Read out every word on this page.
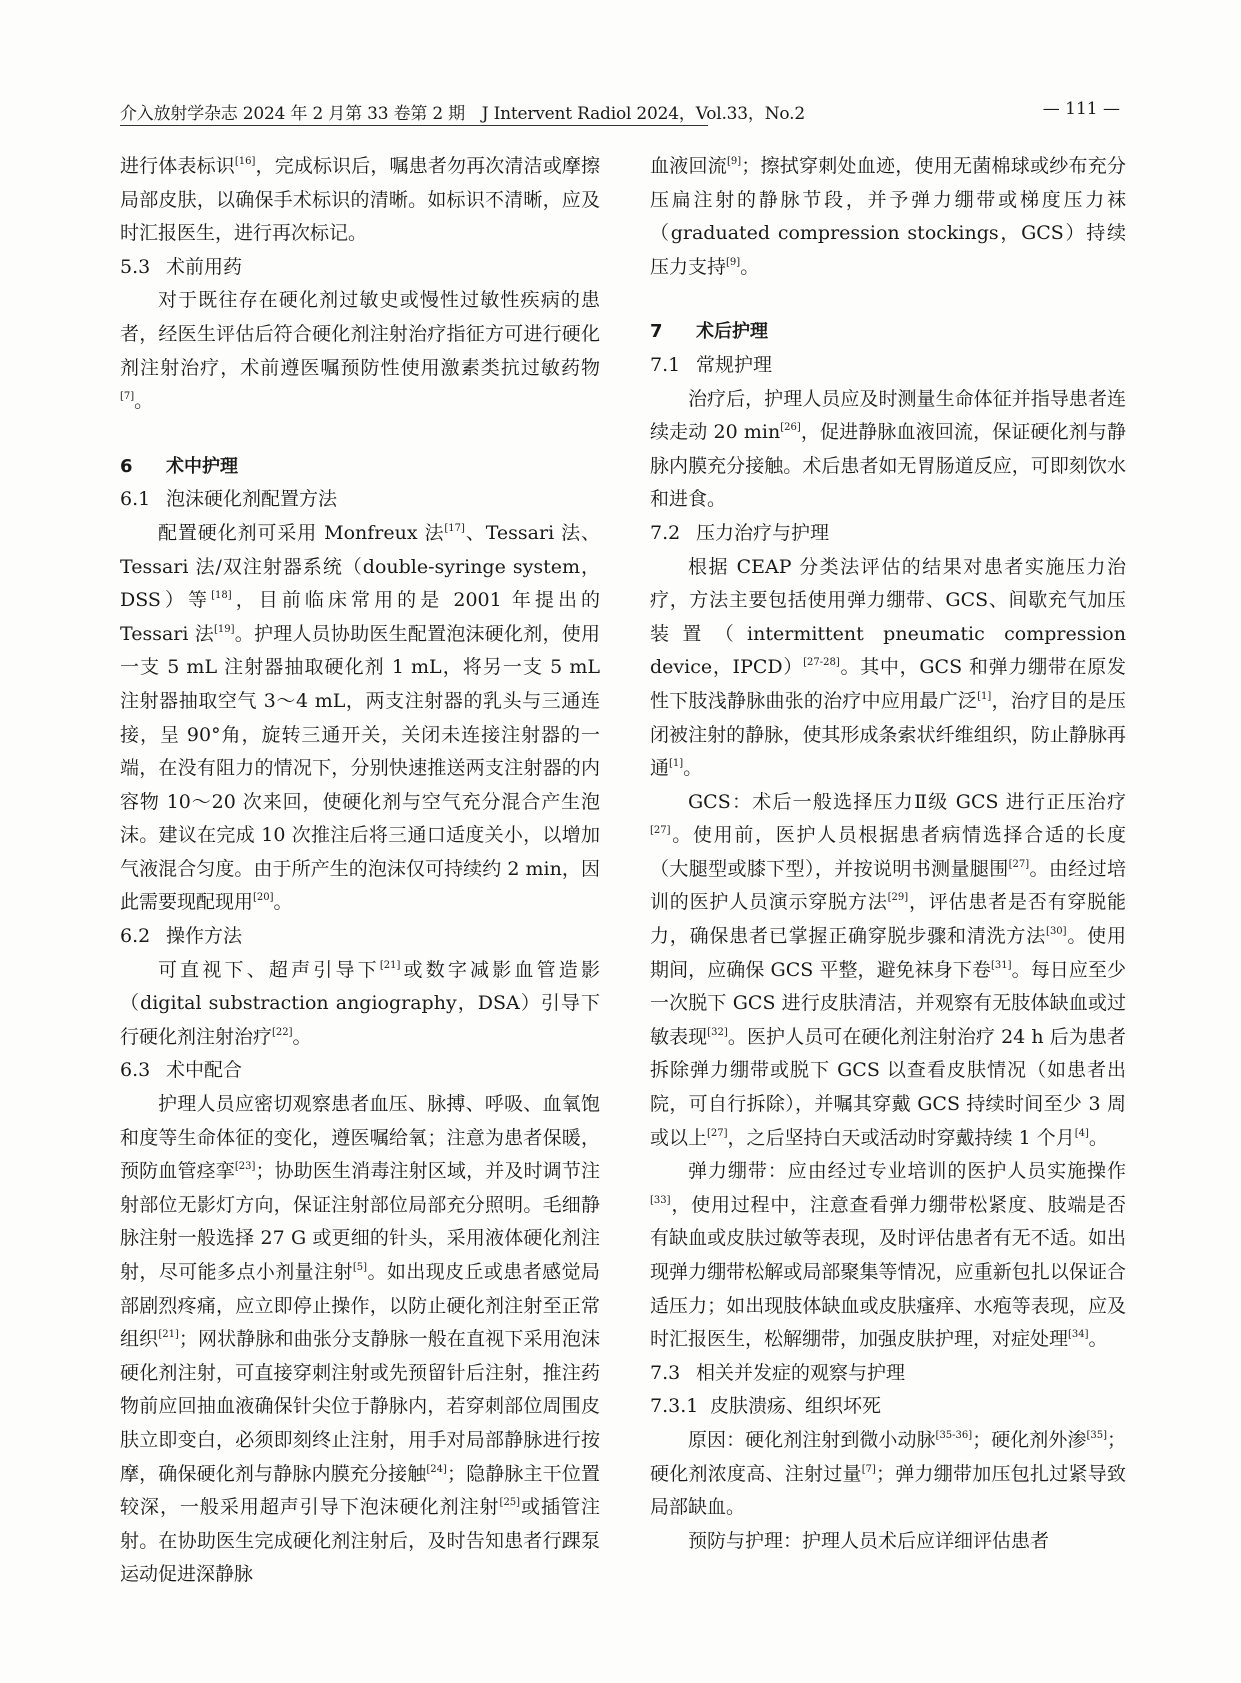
介入放射学杂志 2024 年 2 月第 33 卷第 2 期　J Intervent Radiol 2024，Vol.33，No.2	— 111 —

进行体表标识[16]，完成标识后，嘱患者勿再次清洁或摩擦局部皮肤，以确保手术标识的清晰。如标识不清晰，应及时汇报医生，进行再次标记。

5.3 术前用药

对于既往存在硬化剂过敏史或慢性过敏性疾病的患者，经医生评估后符合硬化剂注射治疗指征方可进行硬化剂注射治疗，术前遵医嘱预防性使用激素类抗过敏药物[7]。

6 术中护理
6.1 泡沫硬化剂配置方法

配置硬化剂可采用 Monfreux 法[17]、Tessari 法、Tessari 法/双注射器系统（double-syringe system，DSS）等[18]，目前临床常用的是 2001 年提出的 Tessari 法[19]。护理人员协助医生配置泡沫硬化剂，使用一支 5 mL 注射器抽取硬化剂 1 mL，将另一支 5 mL 注射器抽取空气 3～4 mL，两支注射器的乳头与三通连接，呈 90°角，旋转三通开关，关闭未连接注射器的一端，在没有阻力的情况下，分别快速推送两支注射器的内容物 10～20 次来回，使硬化剂与空气充分混合产生泡沫。建议在完成 10 次推注后将三通口适度关小，以增加气液混合匀度。由于所产生的泡沫仅可持续约 2 min，因此需要现配现用[20]。

6.2 操作方法

可直视下、超声引导下[21]或数字减影血管造影（digital substraction angiography，DSA）引导下行硬化剂注射治疗[22]。

6.3 术中配合

护理人员应密切观察患者血压、脉搏、呼吸、血氧饱和度等生命体征的变化，遵医嘱给氧；注意为患者保暖，预防血管痉挛[23]；协助医生消毒注射区域，并及时调节注射部位无影灯方向，保证注射部位局部充分照明。毛细静脉注射一般选择 27 G 或更细的针头，采用液体硬化剂注射，尽可能多点小剂量注射[5]。如出现皮丘或患者感觉局部剧烈疼痛，应立即停止操作，以防止硬化剂注射至正常组织[21]；网状静脉和曲张分支静脉一般在直视下采用泡沫硬化剂注射，可直接穿刺注射或先预留针后注射，推注药物前应回抽血液确保针尖位于静脉内，若穿刺部位周围皮肤立即变白，必须即刻终止注射，用手对局部静脉进行按摩，确保硬化剂与静脉内膜充分接触[24]；隐静脉主干位置较深，一般采用超声引导下泡沫硬化剂注射[25]或插管注射。在协助医生完成硬化剂注射后，及时告知患者行踝泵运动促进深静脉

血液回流[9]；擦拭穿刺处血迹，使用无菌棉球或纱布充分压扁注射的静脉节段，并予弹力绷带或梯度压力袜（graduated compression stockings，GCS）持续压力支持[9]。

7 术后护理
7.1 常规护理

治疗后，护理人员应及时测量生命体征并指导患者连续走动 20 min[26]，促进静脉血液回流，保证硬化剂与静脉内膜充分接触。术后患者如无胃肠道反应，可即刻饮水和进食。

7.2 压力治疗与护理

根据 CEAP 分类法评估的结果对患者实施压力治疗，方法主要包括使用弹力绷带、GCS、间歇充气加压装置（intermittent pneumatic compression device，IPCD）[27-28]。其中，GCS 和弹力绷带在原发性下肢浅静脉曲张的治疗中应用最广泛[1]，治疗目的是压闭被注射的静脉，使其形成条索状纤维组织，防止静脉再通[1]。

GCS：术后一般选择压力Ⅱ级 GCS 进行正压治疗[27]。使用前，医护人员根据患者病情选择合适的长度（大腿型或膝下型），并按说明书测量腿围[27]。由经过培训的医护人员演示穿脱方法[29]，评估患者是否有穿脱能力，确保患者已掌握正确穿脱步骤和清洗方法[30]。使用期间，应确保 GCS 平整，避免袜身下卷[31]。每日应至少一次脱下 GCS 进行皮肤清洁，并观察有无肢体缺血或过敏表现[32]。医护人员可在硬化剂注射治疗 24 h 后为患者拆除弹力绷带或脱下 GCS 以查看皮肤情况（如患者出院，可自行拆除），并嘱其穿戴 GCS 持续时间至少 3 周或以上[27]，之后坚持白天或活动时穿戴持续 1 个月[4]。

弹力绷带：应由经过专业培训的医护人员实施操作[33]，使用过程中，注意查看弹力绷带松紧度、肢端是否有缺血或皮肤过敏等表现，及时评估患者有无不适。如出现弹力绷带松解或局部聚集等情况，应重新包扎以保证合适压力；如出现肢体缺血或皮肤瘙痒、水疱等表现，应及时汇报医生，松解绷带，加强皮肤护理，对症处理[34]。

7.3 相关并发症的观察与护理
7.3.1 皮肤溃疡、组织坏死

原因：硬化剂注射到微小动脉[35-36]；硬化剂外渗[35]；硬化剂浓度高、注射过量[7]；弹力绷带加压包扎过紧导致局部缺血。

预防与护理：护理人员术后应详细评估患者
